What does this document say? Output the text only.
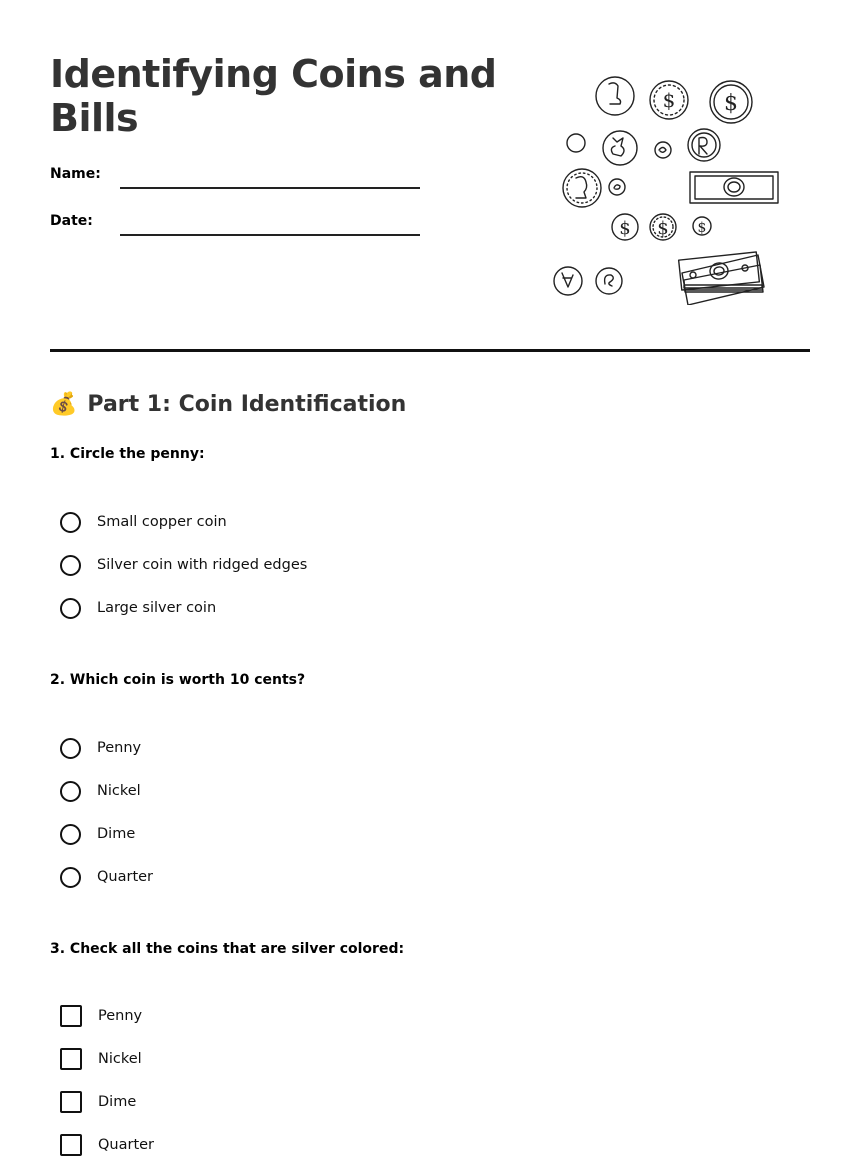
Identifying Coins and Bills
Name:
Date:
$ $
$ $ $
💰 Part 1: Coin Identification
1. Circle the penny:
Small copper coin
Silver coin with ridged edges
Large silver coin
2. Which coin is worth 10 cents?
Penny
Nickel
Dime
Quarter
3. Check all the coins that are silver colored:
Penny
Nickel
Dime
Quarter
